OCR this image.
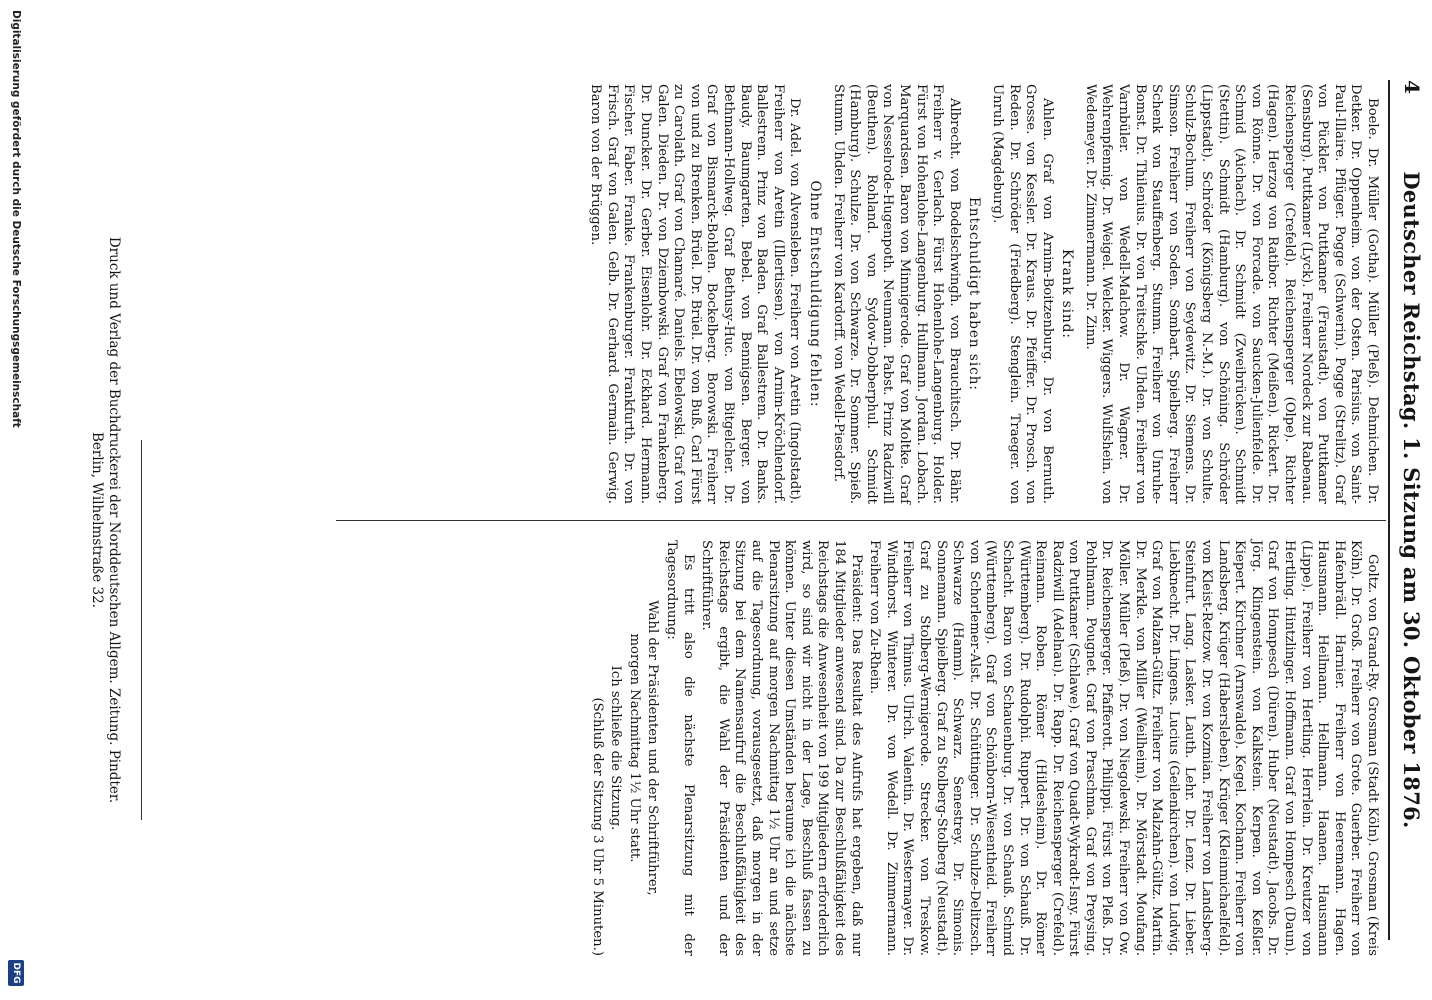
4
Deutscher Reichstag. 1. Sitzung am 30. Oktober 1876.

Boele. Dr. Müller (Gotha). Müller (Pleß). Dehmichen. Dr. Detker. Dr. Oppenheim. von der Osten. Parisius. von Saint-Paul-Illaire. Pflüger. Pogge (Schwerin). Pogge (Strelitz). Graf von Pückler. von Puttkamer (Fraustadt). von Puttkamer (Sensburg). Puttkamer (Lyck). Freiherr Nordeck zur Rabenau. Reichensperger (Crefeld). Reichensperger (Olpe). Richter (Hagen). Herzog von Ratibor. Richter (Meißen). Rickert. Dr. von Rönne. Dr. von Forcade. von Saucken-Julienfelde. Dr. Schmid (Aichach). Dr. Schmidt (Zweibrücken). Schmidt (Stettin). Schmidt (Hamburg). von Schöning. Schröder (Lippstadt). Schröder (Königsberg N.-M.). Dr. von Schulte. Schulz-Bochum. Freiherr von Seydewitz. Dr. Siemens. Dr. Simson. Freiherr von Soden. Sombart. Spielberg. Freiherr Schenk von Stauffenberg. Stumm. Freiherr von Unruhe-Bomst. Dr. Thilenius. Dr. von Treitschke. Uhden. Freiherr von Varnbüler. von Wedell-Malchow. Dr. Wagner. Dr. Wehrenpfennig. Dr. Weigel. Welcker. Wiggers. Wulfshein. von Wedemeyer. Dr. Zimmermann. Dr. Zinn.

Krank sind:

Ahlen. Graf von Arnim-Boitzenburg. Dr. von Bernuth. Grosse. von Kessler. Dr. Kraus. Dr. Pfeiffer. Dr. Prosch. von Reden. Dr. Schröder (Friedberg). Stenglein. Traeger. von Unruh (Magdeburg).

Entschuldigt haben sich:

Albrecht. von Bodelschwingh. von Brauchitsch. Dr. Bähr. Freiherr v. Gerlach. Fürst Hohenlohe-Langenburg. Holder. Fürst von Hohenlohe-Langenburg. Hullmann. Jordan. Lobach. Marquardsen. Baron von Minnigerode. Graf von Moltke. Graf von Nesselrode-Hugenpoth. Neumann. Pabst. Prinz Radziwill (Beuthen). Rohland. von Sydow-Dobberphul. Schmidt (Hamburg). Schulze. Dr. von Schwarze. Dr. Sommer. Spieß. Stumm. Uhden. Freiherr von Kardorff. von Wedell-Piesdorf.

Ohne Entschuldigung fehlen:

Dr. Adel. von Alvensleben. Freiherr von Aretin (Ingolstadt). Freiherr von Aretin (Illertissen). von Arnim-Kröchlendorf. Ballestrem. Prinz von Baden. Graf Ballestrem. Dr. Banks. Baudy. Baumgarten. Bebel. von Bennigsen. Berger. von Bethmann-Hollweg. Graf Bethusy-Huc. von Bitgelcher. Dr. Graf von Bismarck-Bohlen. Bockelberg. Borowski. Freiherr von und zu Brenken. Brüel. Dr. Brüel. Dr. von Buß. Carl Fürst zu Carolath. Graf von Chamaré. Daniels. Ebelowski. Graf von Galen. Dieden. Dr. von Dziembowski. Graf von Frankenberg. Dr. Duncker. Dr. Gerber. Eisenlohr. Dr. Eckhard. Hermann. Fischer. Faber. Franke. Frankenburger. Frankfurth. Dr. von Frisch. Graf von Galen. Gelb. Dr. Gerhard. Germain. Gerwig. Baron von der Brüggen.

Goltz. von Grand-Ry. Grosman (Stadt Köln). Grosman (Kreis Köln). Dr. Groß. Freiherr von Grote. Guerber. Freiherr von Hafenbrädl. Harnier. Freiherr von Heeremann. Hagen. Hausmann. Heilmann. Hellmann. Haanen. Hausmann (Lippe). Freiherr von Hertling. Herrlein. Dr. Kreutzer von Hertling. Hintzlinger. Hoffmann. Graf von Hompesch (Daun). Graf von Hompesch (Düren). Huber (Neustadt). Jacobs. Dr. Jörg. Klingenstein. von Kalkstein. Kerpen. von Keßler. Kiepert. Kirchner (Arnswalde). Kegel. Kochann. Freiherr von Landsberg. Krüger (Habersleben). Krüger (Kleinmichaelfeld). von Kleist-Retzow. Dr. von Kozmian. Freiherr von Landsberg-Steinfurt. Lang. Lasker. Lauth. Lehr. Dr. Lenz. Dr. Lieber. Liebknecht. Dr. Lingens. Lucius (Geilenkirchen). von Ludwig. Graf von Malzan-Gültz. Freiherr von Malzahn-Gültz. Martin. Dr. Merkle. von Miller (Weilheim). Dr. Mörstadt. Moufang. Möller. Müller (Pleß). Dr. von Niegolewski. Freiherr von Ow. Dr. Reichensperger. Pfafferott. Philippi. Fürst von Pleß. Dr. Pohlmann. Pougnet. Graf von Praschma. Graf von Preysing. von Puttkamer (Schlawe). Graf von Quadt-Wykradt-Isny. Fürst Radziwill (Adelnau). Dr. Rapp. Dr. Reichensperger (Crefeld). Reimann. Roben. Römer (Hildesheim). Dr. Römer (Württemberg). Dr. Rudolphi. Ruppert. Dr. von Schauß. Dr. Schacht. Baron von Schauenburg. Dr. von Schauß. Schmid (Württemberg). Graf von Schönborn-Wiesentheid. Freiherr von Schorlemer-Alst. Dr. Schüttinger. Dr. Schulze-Delitzsch. Schwarze (Hamm). Schwarz. Senestrey. Dr. Simonis. Sonnemann. Spielberg. Graf zu Stolberg-Stolberg (Neustadt). Graf zu Stolberg-Wernigerode. Strecker. von Treskow. Freiherr von Thimus. Ulrich. Valentin. Dr. Westermayer. Dr. Windthorst. Winterer. Dr. von Wedell. Dr. Zimmermann. Freiherr von Zu-Rhein.

Präsident: Das Resultat des Aufrufs hat ergeben, daß nur 184 Mitglieder anwesend sind. Da zur Beschlußfähigkeit des Reichstags die Anwesenheit von 199 Mitgliedern erforderlich wird, so sind wir nicht in der Lage, Beschluß fassen zu können. Unter diesen Umständen beraume ich die nächste Plenarsitzung auf morgen Nachmittag 1½ Uhr an und setze auf die Tagesordnung, vorausgesetzt, daß morgen in der Sitzung bei dem Namensaufruf die Beschlußfähigkeit des Reichstags ergibt, die Wahl der Präsidenten und der Schriftführer.

Es tritt also die nächste Plenarsitzung mit der Tagesordnung:

Wahl der Präsidenten und der Schriftführer,
morgen Nachmittag 1½ Uhr statt.
Ich schließe die Sitzung.
(Schluß der Sitzung 3 Uhr 5 Minuten.)
Druck und Verlag der Buchdruckerei der Norddeutschen Allgem. Zeitung. Pindter.
Berlin, Wilhelmstraße 32.
Digitalisierung gefördert durch die Deutsche Forschungsgemeinschaft
DFG
